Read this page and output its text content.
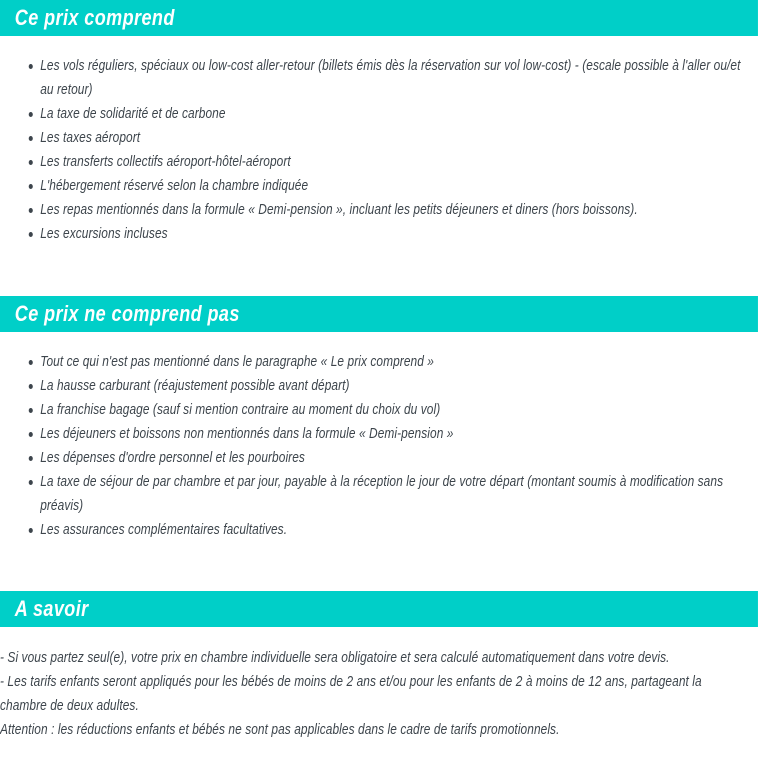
Ce prix comprend
Les vols réguliers, spéciaux ou low-cost aller-retour (billets émis dès la réservation sur vol low-cost) - (escale possible à l'aller ou/et au retour)
La taxe de solidarité et de carbone
Les taxes aéroport
Les transferts collectifs aéroport-hôtel-aéroport
L'hébergement réservé selon la chambre indiquée
Les repas mentionnés dans la formule « Demi-pension », incluant les petits déjeuners et diners (hors boissons).
Les excursions incluses
Ce prix ne comprend pas
Tout ce qui n'est pas mentionné dans le paragraphe « Le prix comprend »
La hausse carburant (réajustement possible avant départ)
La franchise bagage (sauf si mention contraire au moment du choix du vol)
Les déjeuners et boissons non mentionnés dans la formule « Demi-pension »
Les dépenses d'ordre personnel et les pourboires
La taxe de séjour de par chambre et par jour, payable à la réception le jour de votre départ (montant soumis à modification sans préavis)
Les assurances complémentaires facultatives.
A savoir

- Si vous partez seul(e), votre prix en chambre individuelle sera obligatoire et sera calculé automatiquement dans votre devis.

- Les tarifs enfants seront appliqués pour les bébés de moins de 2 ans et/ou pour les enfants de 2 à moins de 12 ans, partageant la chambre de deux adultes.

Attention : les réductions enfants et bébés ne sont pas applicables dans le cadre de tarifs promotionnels.
